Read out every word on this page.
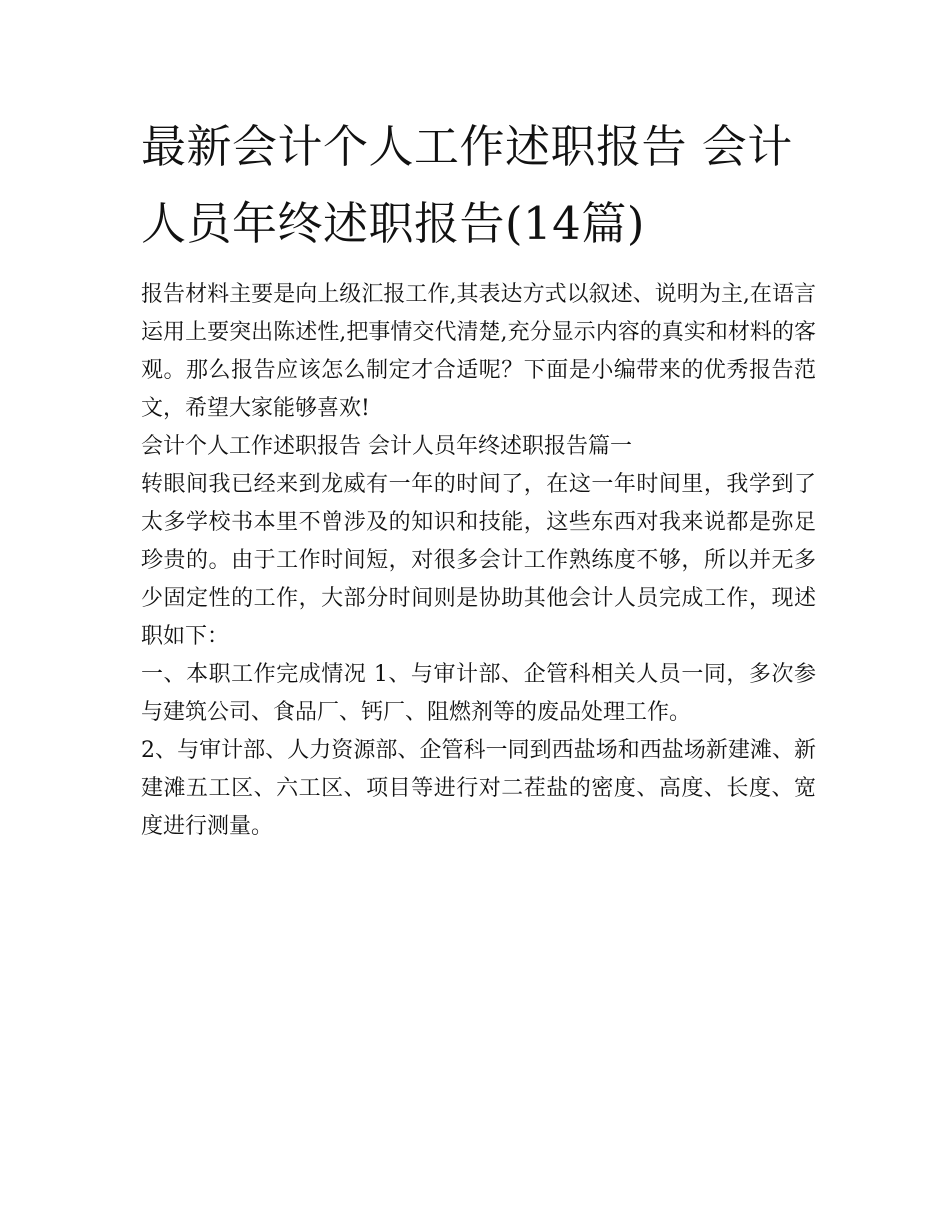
最新会计个人工作述职报告 会计人员年终述职报告(14篇)

报告材料主要是向上级汇报工作,其表达方式以叙述、说明为主,在语言运用上要突出陈述性,把事情交代清楚,充分显示内容的真实和材料的客观。那么报告应该怎么制定才合适呢？下面是小编带来的优秀报告范文，希望大家能够喜欢!

会计个人工作述职报告 会计人员年终述职报告篇一

转眼间我已经来到龙威有一年的时间了，在这一年时间里，我学到了太多学校书本里不曾涉及的知识和技能，这些东西对我来说都是弥足珍贵的。由于工作时间短，对很多会计工作熟练度不够，所以并无多少固定性的工作，大部分时间则是协助其他会计人员完成工作，现述职如下：

一、本职工作完成情况 1、与审计部、企管科相关人员一同，多次参与建筑公司、食品厂、钙厂、阻燃剂等的废品处理工作。

2、与审计部、人力资源部、企管科一同到西盐场和西盐场新建滩、新建滩五工区、六工区、项目等进行对二茬盐的密度、高度、长度、宽度进行测量。
